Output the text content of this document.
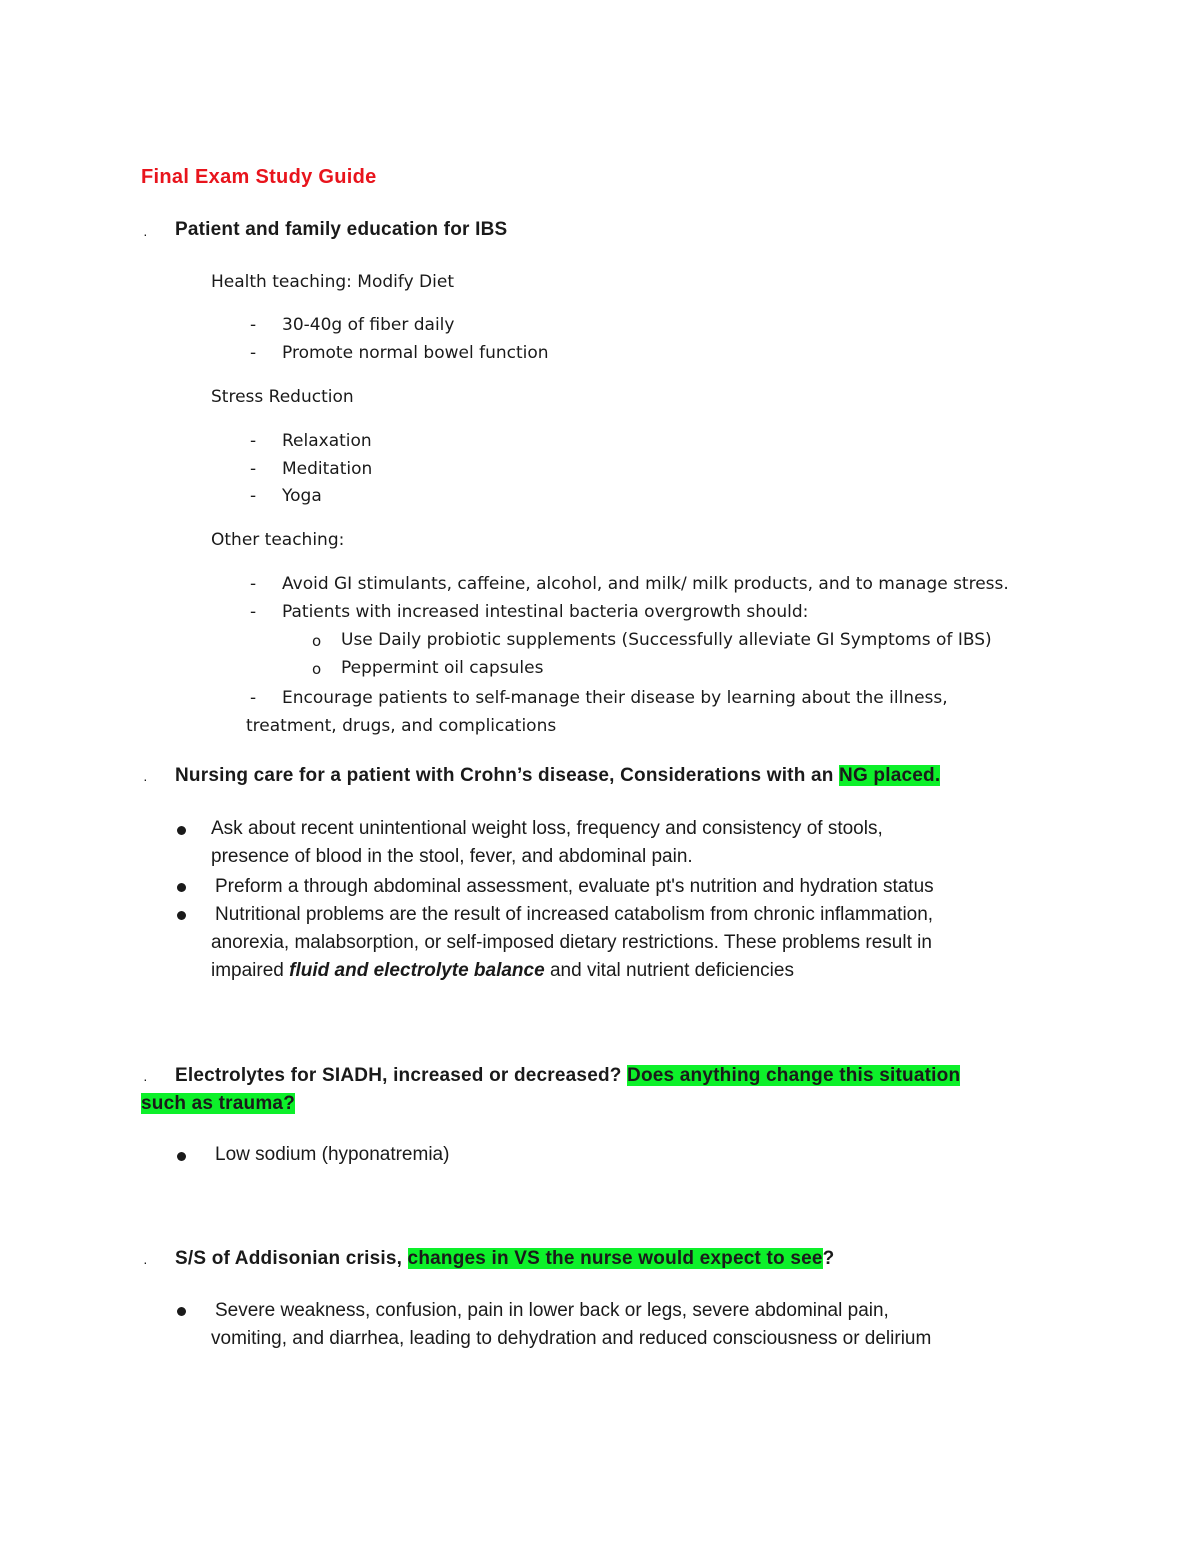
Final Exam Study Guide
· Patient and family education for IBS
Health teaching: Modify Diet
- 30-40g of fiber daily
- Promote normal bowel function
Stress Reduction
- Relaxation
- Meditation
- Yoga
Other teaching:
- Avoid GI stimulants, caffeine, alcohol, and milk/ milk products, and to manage stress.
- Patients with increased intestinal bacteria overgrowth should:
o Use Daily probiotic supplements (Successfully alleviate GI Symptoms of IBS)
o Peppermint oil capsules
- Encourage patients to self-manage their disease by learning about the illness,
treatment, drugs, and complications
· Nursing care for a patient with Crohn’s disease, Considerations with an NG placed.
Ask about recent unintentional weight loss, frequency and consistency of stools,
presence of blood in the stool, fever, and abdominal pain.
Preform a through abdominal assessment, evaluate pt's nutrition and hydration status
Nutritional problems are the result of increased catabolism from chronic inflammation,
anorexia, malabsorption, or self-imposed dietary restrictions. These problems result in
impaired fluid and electrolyte balance and vital nutrient deficiencies
· Electrolytes for SIADH, increased or decreased? Does anything change this situation
such as trauma?
Low sodium (hyponatremia)
· S/S of Addisonian crisis, changes in VS the nurse would expect to see?
Severe weakness, confusion, pain in lower back or legs, severe abdominal pain,
vomiting, and diarrhea, leading to dehydration and reduced consciousness or delirium
